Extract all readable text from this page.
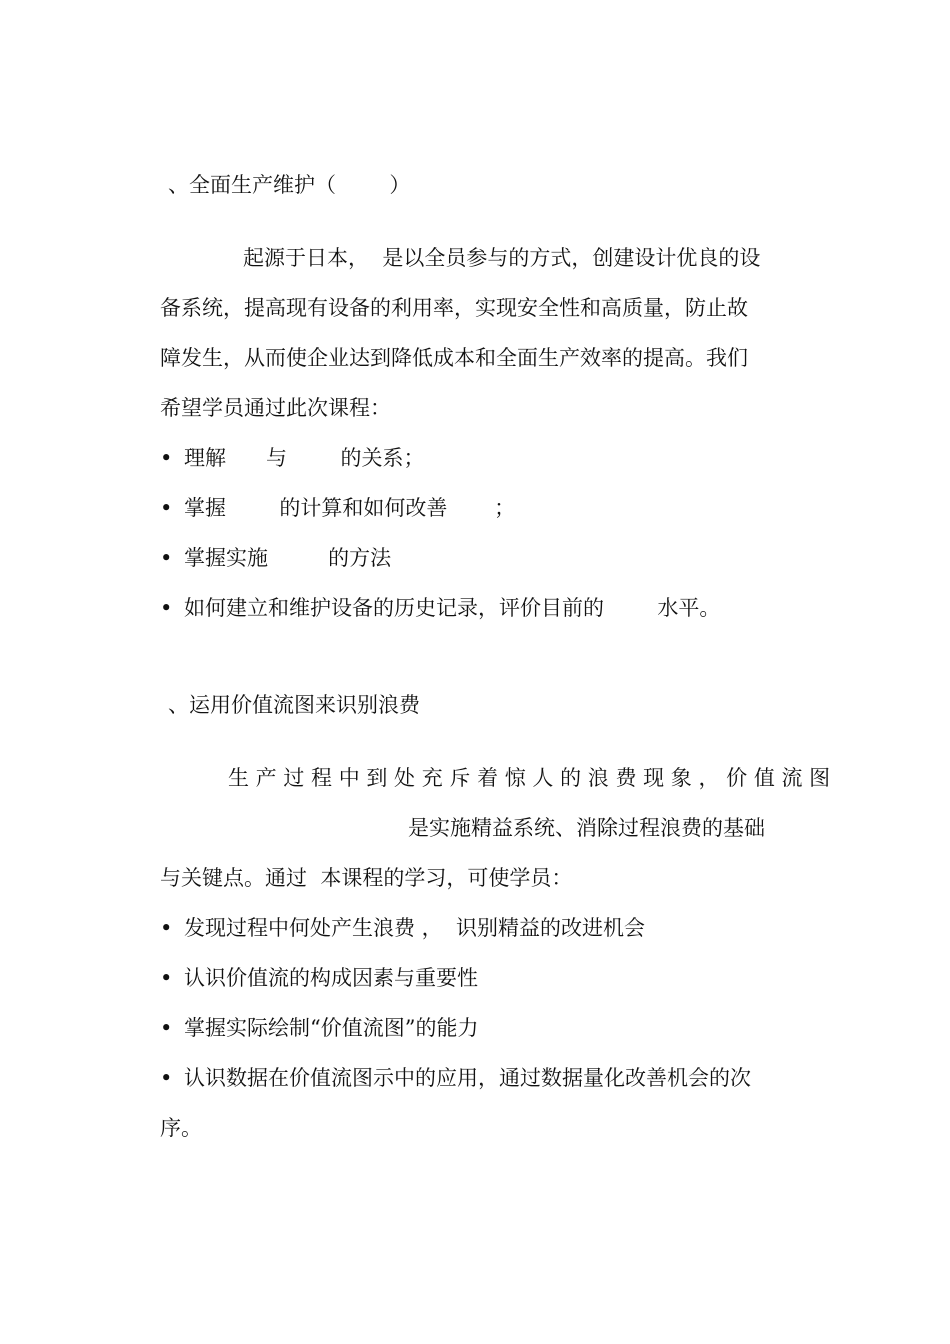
、全面生产维护（        ）
起源于日本，  是以全员参与的方式，创建设计优良的设
备系统，提高现有设备的利用率，实现安全性和高质量，防止故
障发生，从而使企业达到降低成本和全面生产效率的提高。我们
希望学员通过此次课程：
• 理解      与        的关系；
• 掌握        的计算和如何改善       ；
• 掌握实施         的方法
• 如何建立和维护设备的历史记录，评价目前的        水平。
、运用价值流图来识别浪费
生 产 过 程 中 到 处 充 斥 着 惊 人 的 浪 费 现 象 ， 价 值 流 图
是实施精益系统、消除过程浪费的基础
与关键点。通过  本课程的学习，可使学员：
• 发现过程中何处产生浪费 ，  识别精益的改进机会
• 认识价值流的构成因素与重要性
• 掌握实际绘制“价值流图”的能力
• 认识数据在价值流图示中的应用，通过数据量化改善机会的次
序。
